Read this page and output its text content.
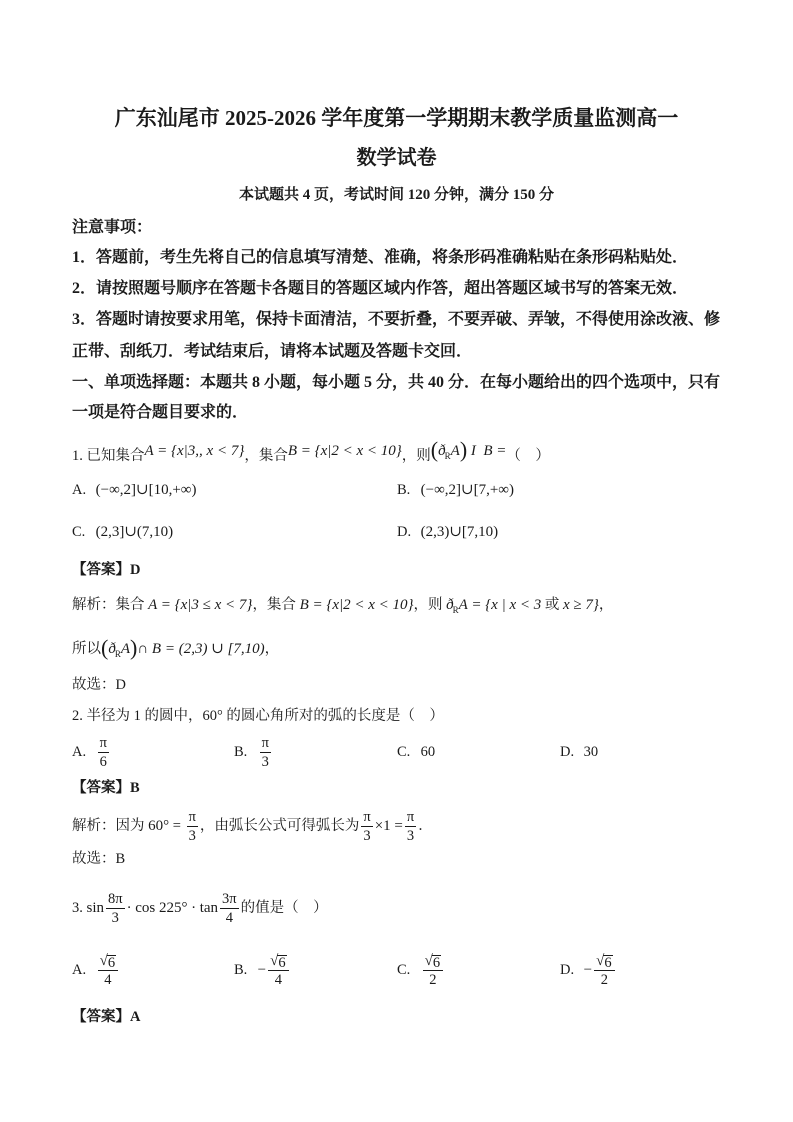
广东汕尾市 2025-2026 学年度第一学期期末教学质量监测高一
数学试卷
本试题共 4 页，考试时间 120 分钟，满分 150 分
注意事项：
1．答题前，考生先将自己的信息填写清楚、准确，将条形码准确粘贴在条形码粘贴处．
2．请按照题号顺序在答题卡各题目的答题区域内作答，超出答题区域书写的答案无效．
3．答题时请按要求用笔，保持卡面清洁，不要折叠，不要弄破、弄皱，不得使用涂改液、修
正带、刮纸刀．考试结束后，请将本试题及答题卡交回．
一、单项选择题：本题共 8 小题，每小题 5 分，共 40 分．在每小题给出的四个选项中，只有
一项是符合题目要求的．
1. 已知集合A = {x|3,, x < 7}，集合B = {x|2 < x < 10}，则$(ð_RA)$ I  B =（    ）
A. (−∞,2]∪[10,+∞)	B. (−∞,2]∪[7,+∞)
C. (2,3]∪(7,10)	D. (2,3)∪[7,10)
【答案】D
解析：集合 A = {x|3 ≤ x < 7}，集合 B = {x|2 < x < 10}，则 $ð_RA = \{x$ | x < 3 或 x ≥ 7}，
所以$(ð_RA)\cap$ B = (2,3) ∪ [7,10)，
故选：D
2. 半径为 1 的圆中，60° 的圆心角所对的弧的长度是（    ）
A. $\frac{\pi}{6}$	B. $\frac{\pi}{3}$	C. 60	D. 30
【答案】B
解析：因为 $60^\circ = \frac{\pi}{3}$ ，由弧长公式可得弧长为 $\frac{\pi}{3} \times 1 = \frac{\pi}{3}$ ．
故选：B
3. $\sin \frac{8\pi}{3} \cdot \cos 225^\circ \cdot \tan \frac{3\pi}{4}$ 的值是（    ）
A. $\frac{√ 6}{4}$	B. − $\frac{√ 6}{4}$	C. $\frac{√ 6}{2}$	D. − $\frac{√ 6}{2}$
【答案】A
